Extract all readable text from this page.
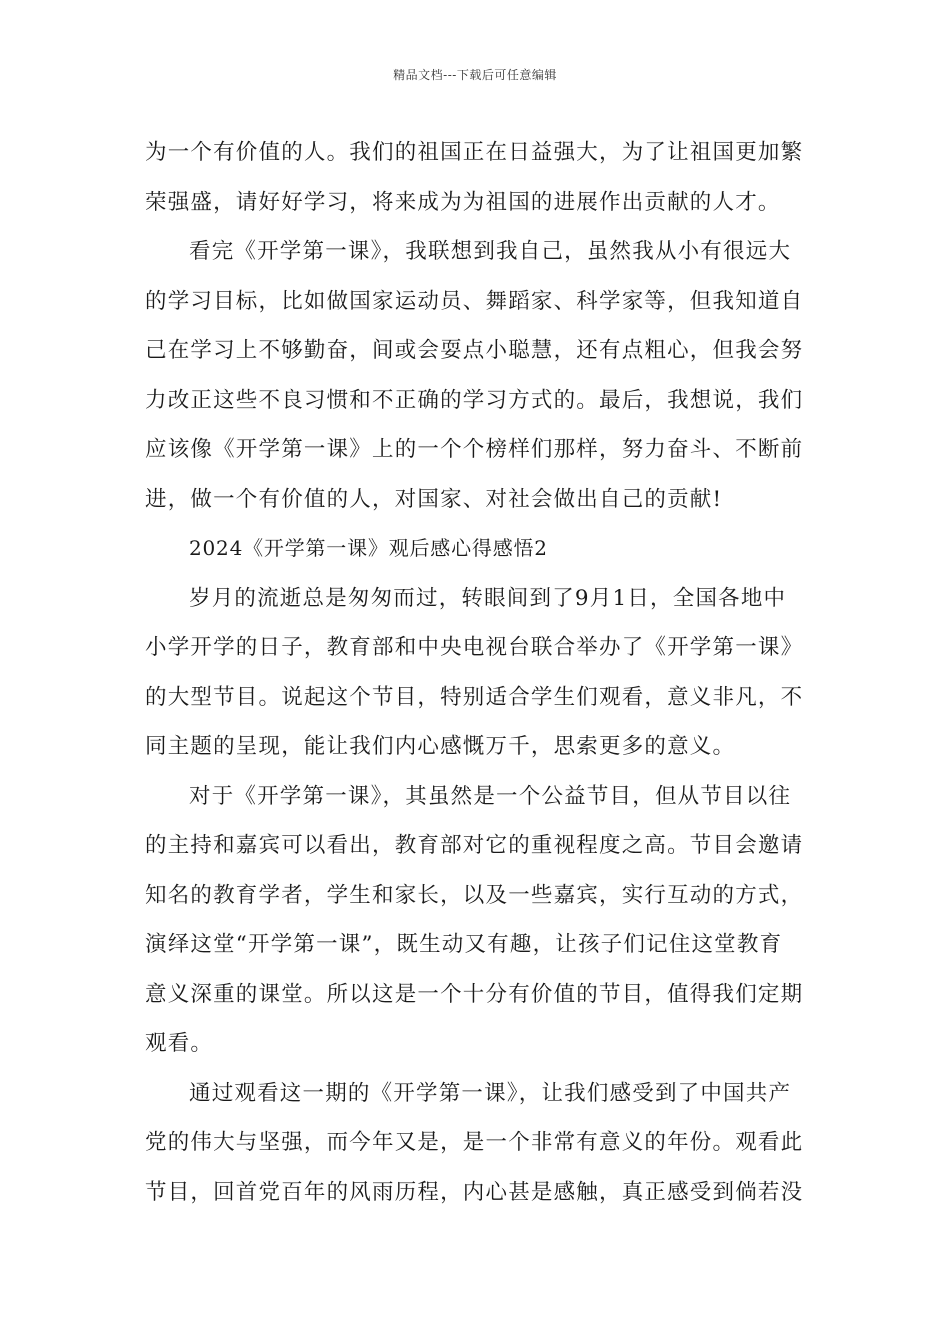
精品文档---下载后可任意编辑
为一个有价值的人。我们的祖国正在日益强大，为了让祖国更加繁
荣强盛，请好好学习，将来成为为祖国的进展作出贡献的人才。
看完《开学第一课》，我联想到我自己，虽然我从小有很远大
的学习目标，比如做国家运动员、舞蹈家、科学家等，但我知道自
己在学习上不够勤奋，间或会耍点小聪慧，还有点粗心，但我会努
力改正这些不良习惯和不正确的学习方式的。最后，我想说，我们
应该像《开学第一课》上的一个个榜样们那样，努力奋斗、不断前
进，做一个有价值的人，对国家、对社会做出自己的贡献!
2024《开学第一课》观后感心得感悟2
岁月的流逝总是匆匆而过，转眼间到了9月1日，全国各地中
小学开学的日子，教育部和中央电视台联合举办了《开学第一课》
的大型节目。说起这个节目，特别适合学生们观看，意义非凡，不
同主题的呈现，能让我们内心感慨万千，思索更多的意义。
对于《开学第一课》，其虽然是一个公益节目，但从节目以往
的主持和嘉宾可以看出，教育部对它的重视程度之高。节目会邀请
知名的教育学者，学生和家长，以及一些嘉宾，实行互动的方式，
演绎这堂“开学第一课”，既生动又有趣，让孩子们记住这堂教育
意义深重的课堂。所以这是一个十分有价值的节目，值得我们定期
观看。
通过观看这一期的《开学第一课》，让我们感受到了中国共产
党的伟大与坚强，而今年又是，是一个非常有意义的年份。观看此
节目，回首党百年的风雨历程，内心甚是感触，真正感受到倘若没
